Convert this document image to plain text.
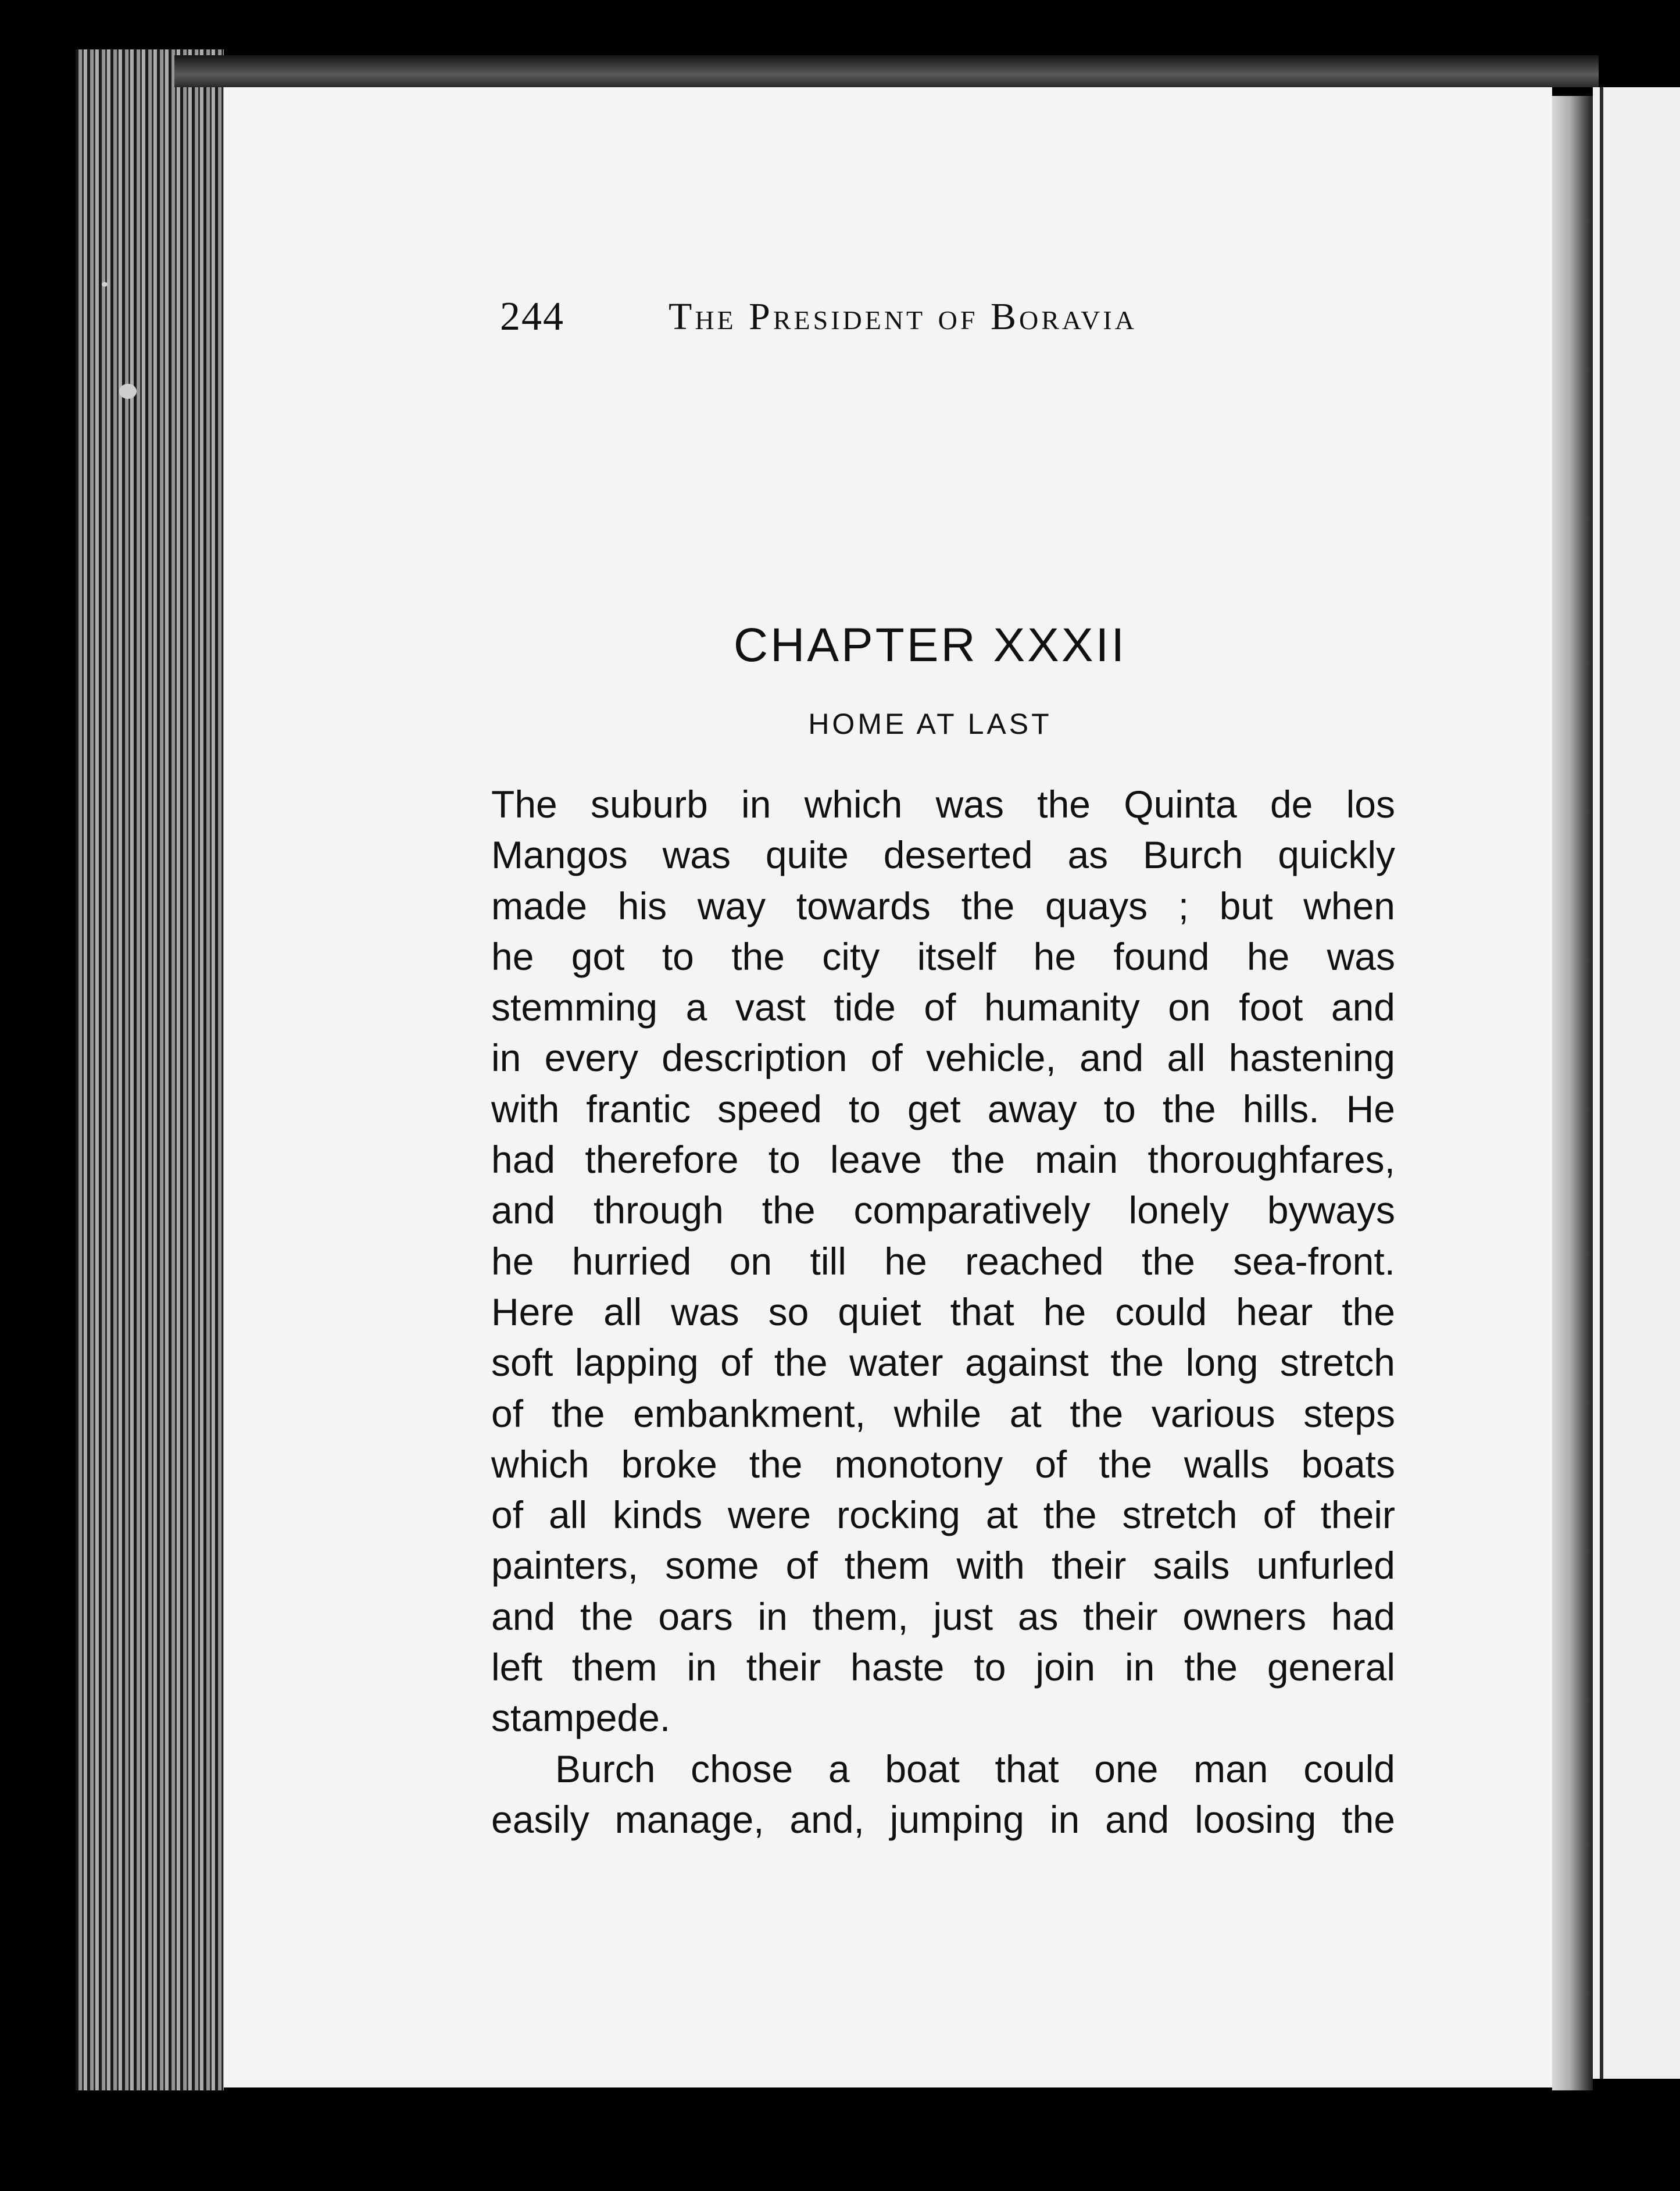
244	The President of Boravia
CHAPTER XXXII
HOME AT LAST
The suburb in which was the Quinta de los
Mangos was quite deserted as Burch quickly
made his way towards the quays ; but when
he got to the city itself he found he was
stemming a vast tide of humanity on foot and
in every description of vehicle, and all hastening
with frantic speed to get away to the hills. He
had therefore to leave the main thoroughfares,
and through the comparatively lonely byways
he hurried on till he reached the sea-front.
Here all was so quiet that he could hear the
soft lapping of the water against the long stretch
of the embankment, while at the various steps
which broke the monotony of the walls boats
of all kinds were rocking at the stretch of their
painters, some of them with their sails unfurled
and the oars in them, just as their owners had
left them in their haste to join in the general
stampede.
Burch chose a boat that one man could
easily manage, and, jumping in and loosing the
